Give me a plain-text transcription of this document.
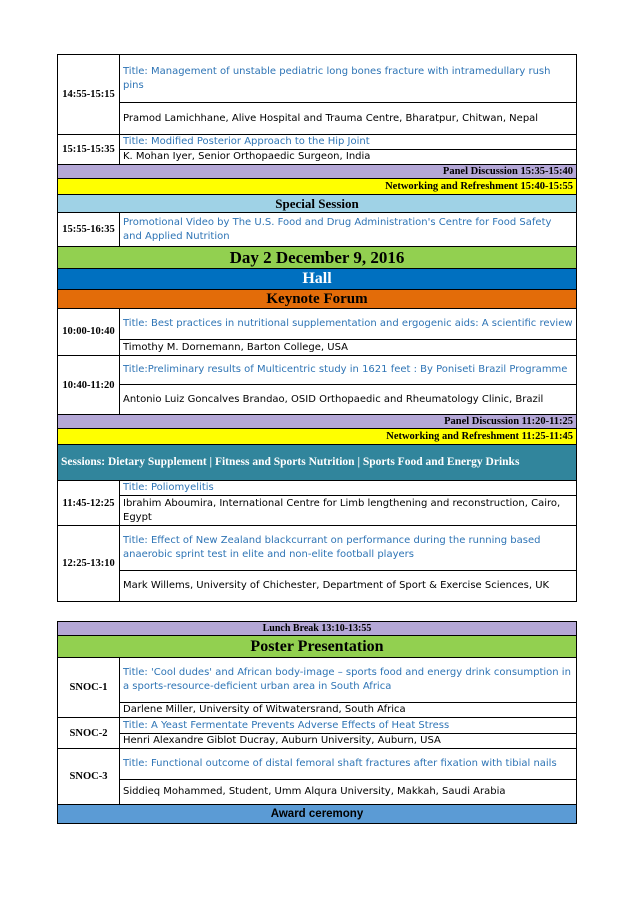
14:55-15:15	Title: Management of unstable pediatric long bones fracture with intramedullary rush pins
	Pramod Lamichhane, Alive Hospital and Trauma Centre, Bharatpur, Chitwan, Nepal
15:15-15:35	Title: Modified Posterior Approach to the Hip Joint
	K. Mohan Iyer, Senior Orthopaedic Surgeon, India
Panel Discussion 15:35-15:40	
Networking and Refreshment 15:40-15:55	
Special Session	
15:55-16:35	Promotional Video by The U.S. Food and Drug Administration's Centre for Food Safety and Applied Nutrition
Day 2 December 9, 2016	
Hall	
Keynote Forum	
10:00-10:40	Title: Best practices in nutritional supplementation and ergogenic aids: A scientific review
	Timothy M. Dornemann, Barton College, USA
10:40-11:20	Title:Preliminary results of Multicentric study in 1621 feet : By Poniseti Brazil Programme
	Antonio Luiz Goncalves Brandao, OSID Orthopaedic and Rheumatology Clinic, Brazil
Panel Discussion 11:20-11:25	
Networking and Refreshment 11:25-11:45	
Sessions: Dietary Supplement | Fitness and Sports Nutrition | Sports Food and Energy Drinks	
11:45-12:25	Title: Poliomyelitis
	Ibrahim Aboumira, International Centre for Limb lengthening and reconstruction, Cairo, Egypt
12:25-13:10	Title: Effect of New Zealand blackcurrant on performance during the running based anaerobic sprint test in elite and non-elite football players
	Mark Willems, University of Chichester, Department of Sport & Exercise Sciences, UK

Lunch Break 13:10-13:55	
Poster Presentation	
SNOC-1	Title: 'Cool dudes' and African body-image – sports food and energy drink consumption in a sports-resource-deficient urban area in South Africa
	Darlene Miller, University of Witwatersrand, South Africa
SNOC-2	Title: A Yeast Fermentate Prevents Adverse Effects of Heat Stress
	Henri Alexandre Giblot Ducray, Auburn University, Auburn, USA
SNOC-3	Title: Functional outcome of distal femoral shaft fractures after fixation with tibial nails
	Siddieq Mohammed, Student, Umm Alqura University, Makkah, Saudi Arabia
Award ceremony	
